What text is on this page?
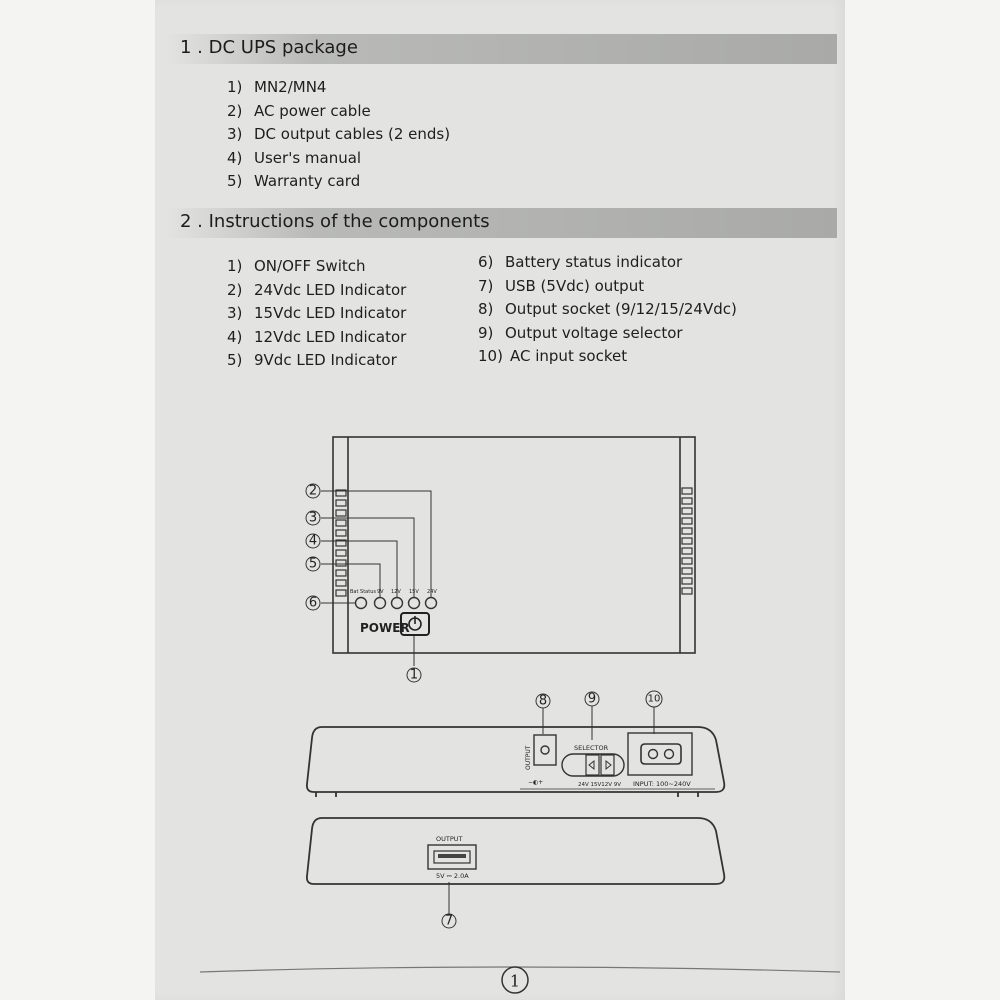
1 . DC UPS package
1) MN2/MN4
2) AC power cable
3) DC output cables (2 ends)
4) User's manual
5) Warranty card
2 . Instructions of the components
1) ON/OFF Switch
2) 24Vdc LED Indicator
3) 15Vdc LED Indicator
4) 12Vdc LED Indicator
5) 9Vdc LED Indicator
6) Battery status indicator
7) USB (5Vdc) output
8) Output socket (9/12/15/24Vdc)
9) Output voltage selector
10) AC input socket
Bat Status 9V 12V 15V 24V
POWER
2
3
4
5
6
1
8	9	10
7
OUTPUT
−◐+
SELECTOR
24V 15V12V 9V INPUT: 100~240V
OUTPUT
5V ⎓ 2.0A
1
